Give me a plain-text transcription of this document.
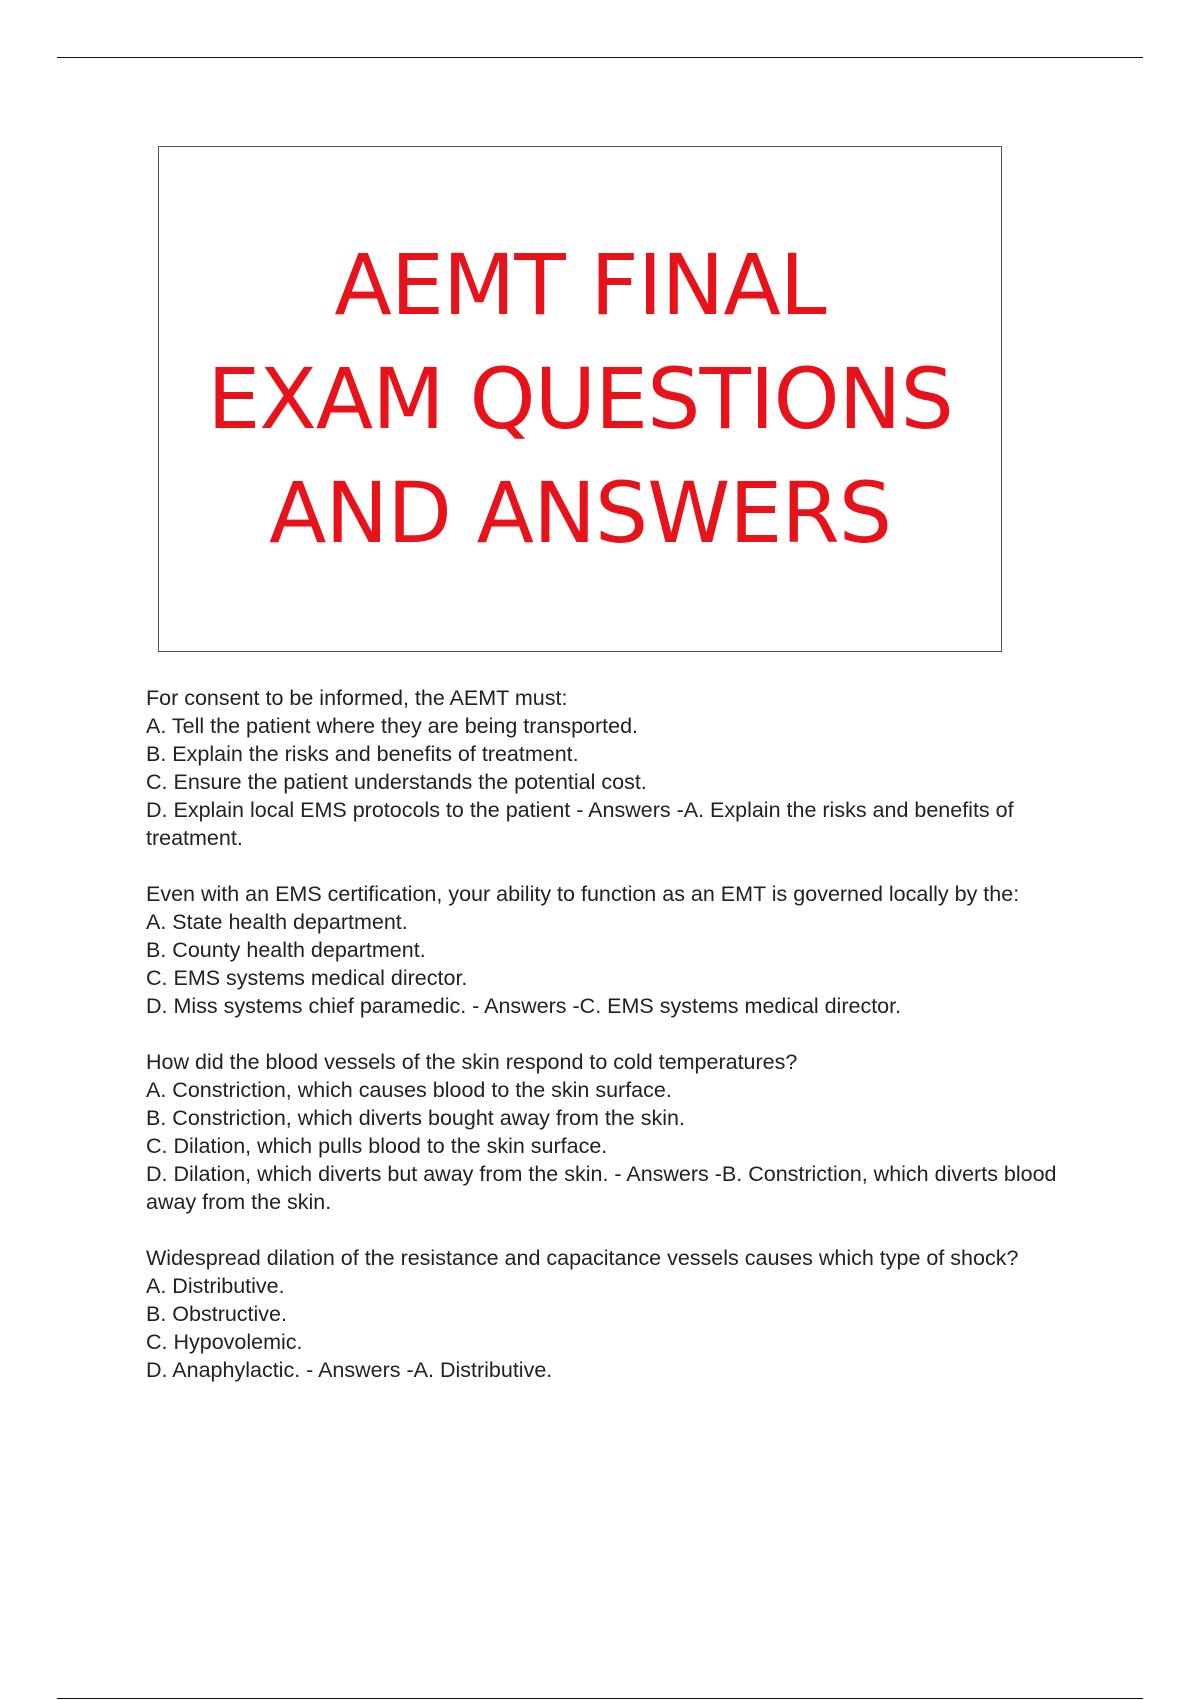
AEMT FINAL
EXAM QUESTIONS
AND ANSWERS

For consent to be informed, the AEMT must:

A. Tell the patient where they are being transported.

B. Explain the risks and benefits of treatment.

C. Ensure the patient understands the potential cost.

D. Explain local EMS protocols to the patient - Answers -A. Explain the risks and benefits of treatment.

Even with an EMS certification, your ability to function as an EMT is governed locally by the:

A. State health department.

B. County health department.

C. EMS systems medical director.

D. Miss systems chief paramedic. - Answers -C. EMS systems medical director.

How did the blood vessels of the skin respond to cold temperatures?

A. Constriction, which causes blood to the skin surface.

B. Constriction, which diverts bought away from the skin.

C. Dilation, which pulls blood to the skin surface.

D. Dilation, which diverts but away from the skin. - Answers -B. Constriction, which diverts blood away from the skin.

Widespread dilation of the resistance and capacitance vessels causes which type of shock?

A. Distributive.

B. Obstructive.

C. Hypovolemic.

D. Anaphylactic. - Answers -A. Distributive.
